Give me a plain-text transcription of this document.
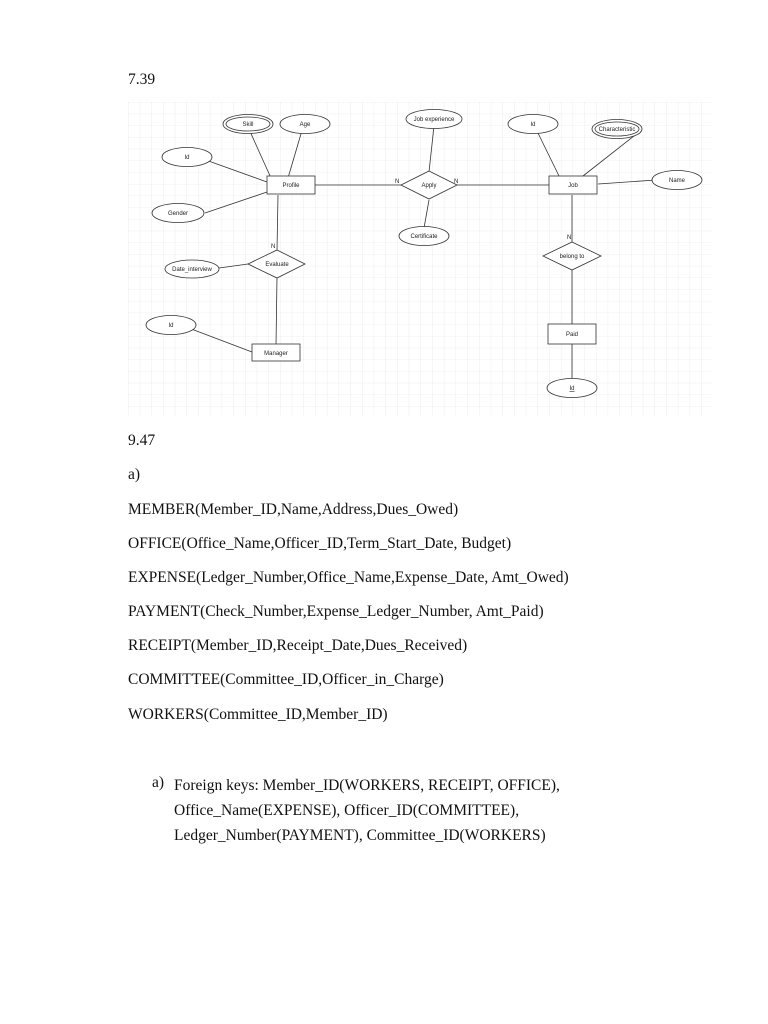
7.39
N	N
N
N
Profile	Job
Manager
Paid
Apply
Evaluate
belong to
Skill	Age
Id
Gender
Date_interview
Id
Job experience
Certificate
Id
Characteristic
Name
Id
9.47
a)
MEMBER(Member_ID,Name,Address,Dues_Owed)
OFFICE(Office_Name,Officer_ID,Term_Start_Date, Budget)
EXPENSE(Ledger_Number,Office_Name,Expense_Date, Amt_Owed)
PAYMENT(Check_Number,Expense_Ledger_Number, Amt_Paid)
RECEIPT(Member_ID,Receipt_Date,Dues_Received)
COMMITTEE(Committee_ID,Officer_in_Charge)
WORKERS(Committee_ID,Member_ID)
a) Foreign keys: Member_ID(WORKERS, RECEIPT, OFFICE),
Office_Name(EXPENSE), Officer_ID(COMMITTEE),
Ledger_Number(PAYMENT), Committee_ID(WORKERS)
